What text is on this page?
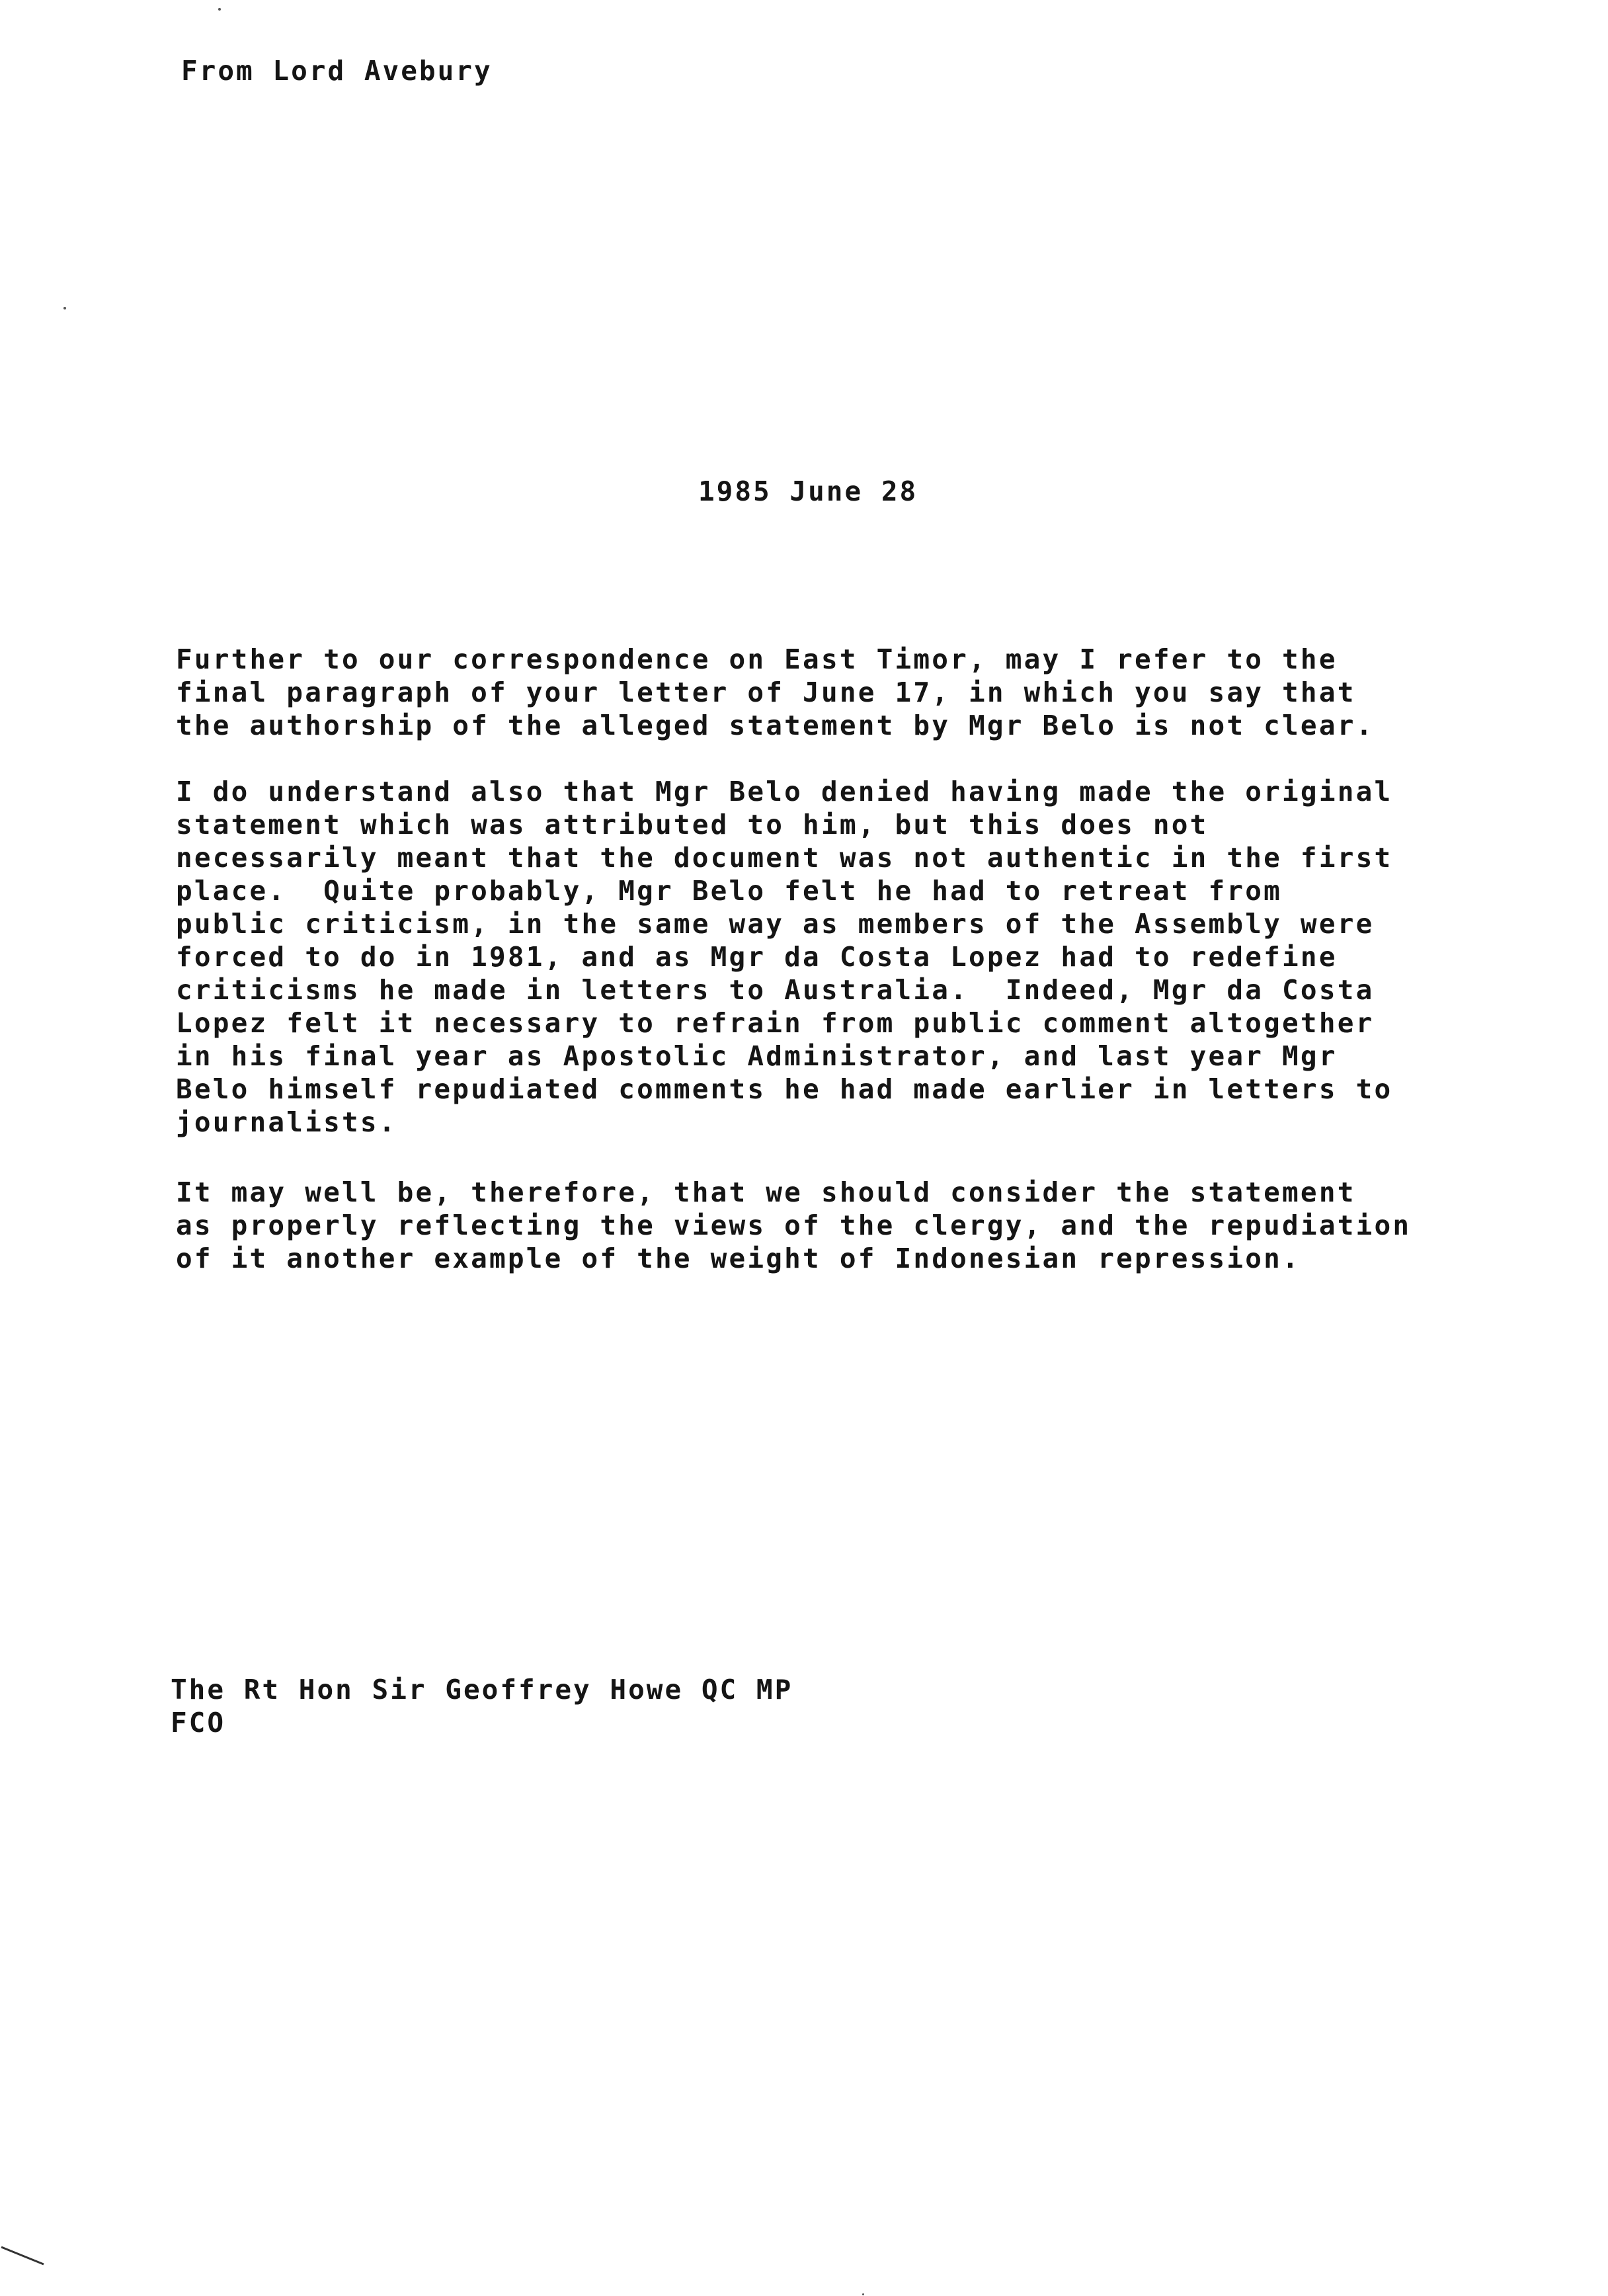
From Lord Avebury
1985 June 28
Further to our correspondence on East Timor, may I refer to the
final paragraph of your letter of June 17, in which you say that
the authorship of the alleged statement by Mgr Belo is not clear.
I do understand also that Mgr Belo denied having made the original
statement which was attributed to him, but this does not
necessarily meant that the document was not authentic in the first
place.  Quite probably, Mgr Belo felt he had to retreat from
public criticism, in the same way as members of the Assembly were
forced to do in 1981, and as Mgr da Costa Lopez had to redefine
criticisms he made in letters to Australia.  Indeed, Mgr da Costa
Lopez felt it necessary to refrain from public comment altogether
in his final year as Apostolic Administrator, and last year Mgr
Belo himself repudiated comments he had made earlier in letters to
journalists.
It may well be, therefore, that we should consider the statement
as properly reflecting the views of the clergy, and the repudiation
of it another example of the weight of Indonesian repression.
The Rt Hon Sir Geoffrey Howe QC MP
FCO
